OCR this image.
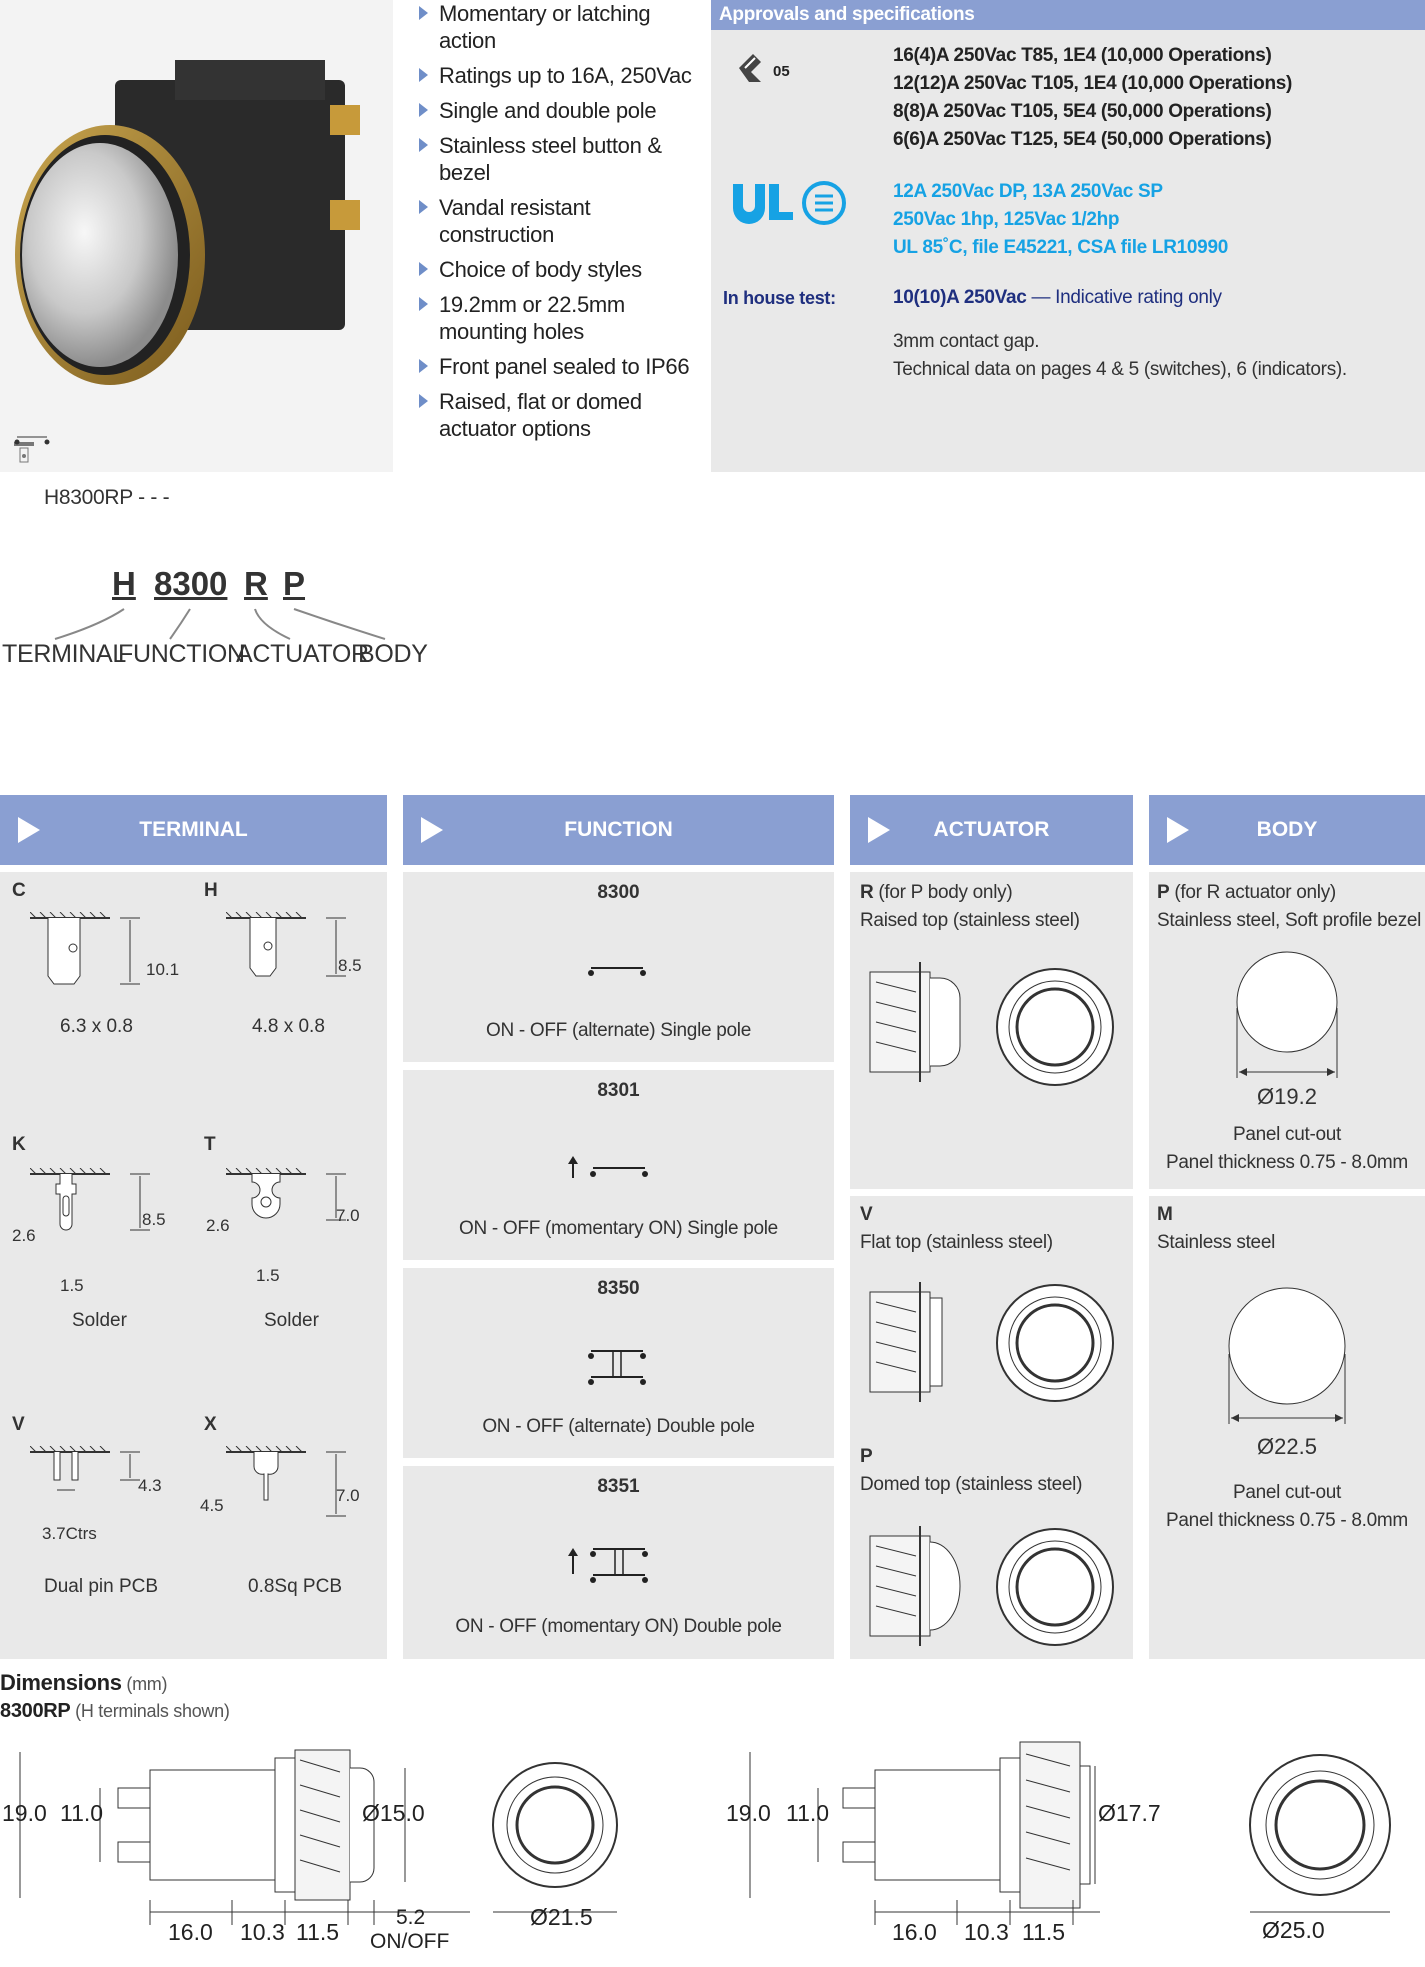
H8300RP - - -
Momentary or latching action
Ratings up to 16A, 250Vac
Single and double pole
Stainless steel button & bezel
Vandal resistant construction
Choice of body styles
19.2mm or 22.5mm mounting holes
Front panel sealed to IP66
Raised, flat or domed actuator options
Approvals and specifications
05
16(4)A 250Vac T85, 1E4 (10,000 Operations)
12(12)A 250Vac T105, 1E4 (10,000 Operations)
8(8)A 250Vac T105, 5E4 (50,000 Operations)
6(6)A 250Vac T125, 5E4 (50,000 Operations)
12A 250Vac DP, 13A 250Vac SP
250Vac 1hp, 125Vac 1/2hp
UL 85˚C, file E45221, CSA file LR10990
In house test:	10(10)A 250Vac — Indicative rating only
3mm contact gap.
Technical data on pages 4 & 5 (switches), 6 (indicators).
H 8300 R P
TERMINAL
FUNCTION
ACTUATOR
BODY
TERMINAL	FUNCTION	ACTUATOR	BODY
C	H
10.1
6.3 x 0.8
8.5
4.8 x 0.8
K	T
8.5
2.6
1.5
Solder
7.0
2.6
1.5
Solder
V	X
4.3
3.7Ctrs
Dual pin PCB
7.0
4.5
0.8Sq PCB
8300
ON - OFF (alternate) Single pole
8301
ON - OFF (momentary ON) Single pole
8350
ON - OFF (alternate) Double pole
8351
ON - OFF (momentary ON) Double pole
R (for P body only)
Raised top (stainless steel)
V
Flat top (stainless steel)
P
Domed top (stainless steel)
P (for R actuator only)
Stainless steel, Soft profile bezel
Ø19.2
Panel cut-out
Panel thickness 0.75 - 8.0mm
M
Stainless steel
Ø22.5
Panel cut-out
Panel thickness 0.75 - 8.0mm
Dimensions (mm)
8300RP (H terminals shown)
19.0 11.0	Ø15.0
16.0 10.3 11.5
5.2
ON/OFF
Ø21.5
19.0 11.0	Ø17.7
16.0 10.3 11.5	Ø25.0
